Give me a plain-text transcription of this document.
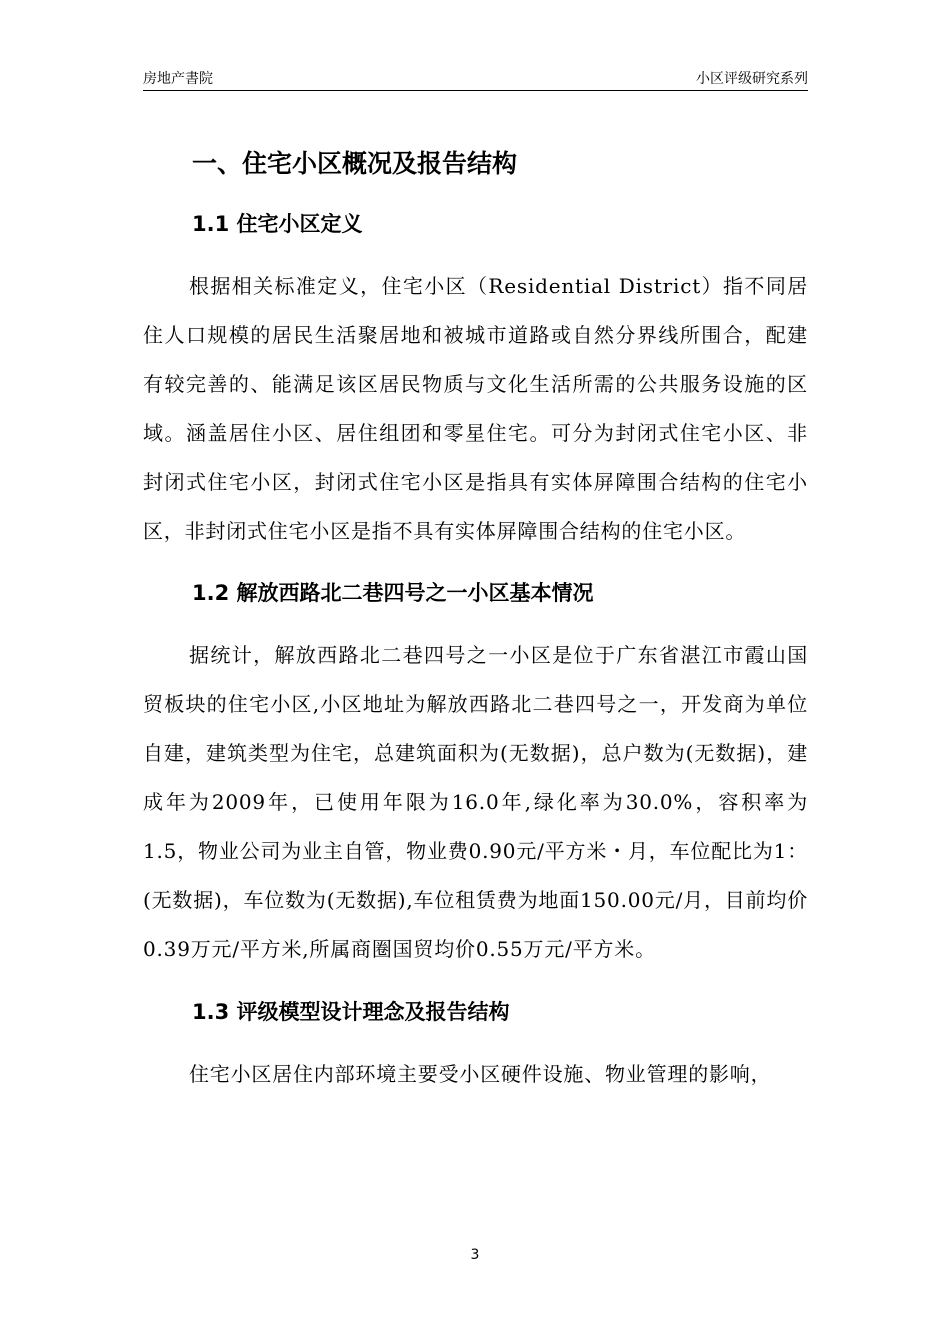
房地产書院	小区评级研究系列
一、住宅小区概况及报告结构
1.1 住宅小区定义

根据相关标准定义，住宅小区（Residential District）指不同居住人口规模的居民生活聚居地和被城市道路或自然分界线所围合，配建有较完善的、能满足该区居民物质与文化生活所需的公共服务设施的区域。涵盖居住小区、居住组团和零星住宅。可分为封闭式住宅小区、非封闭式住宅小区，封闭式住宅小区是指具有实体屏障围合结构的住宅小区，非封闭式住宅小区是指不具有实体屏障围合结构的住宅小区。

1.2 解放西路北二巷四号之一小区基本情况

据统计，解放西路北二巷四号之一小区是位于广东省湛江市霞山国贸板块的住宅小区,小区地址为解放西路北二巷四号之一，开发商为单位自建，建筑类型为住宅，总建筑面积为(无数据)，总户数为(无数据)，建成年为2009年，已使用年限为16.0年,绿化率为30.0%，容积率为1.5，物业公司为业主自管，物业费0.90元/平方米・月，车位配比为1：(无数据)，车位数为(无数据),车位租赁费为地面150.00元/月，目前均价0.39万元/平方米,所属商圈国贸均价0.55万元/平方米。

1.3 评级模型设计理念及报告结构

住宅小区居住内部环境主要受小区硬件设施、物业管理的影响，

3
